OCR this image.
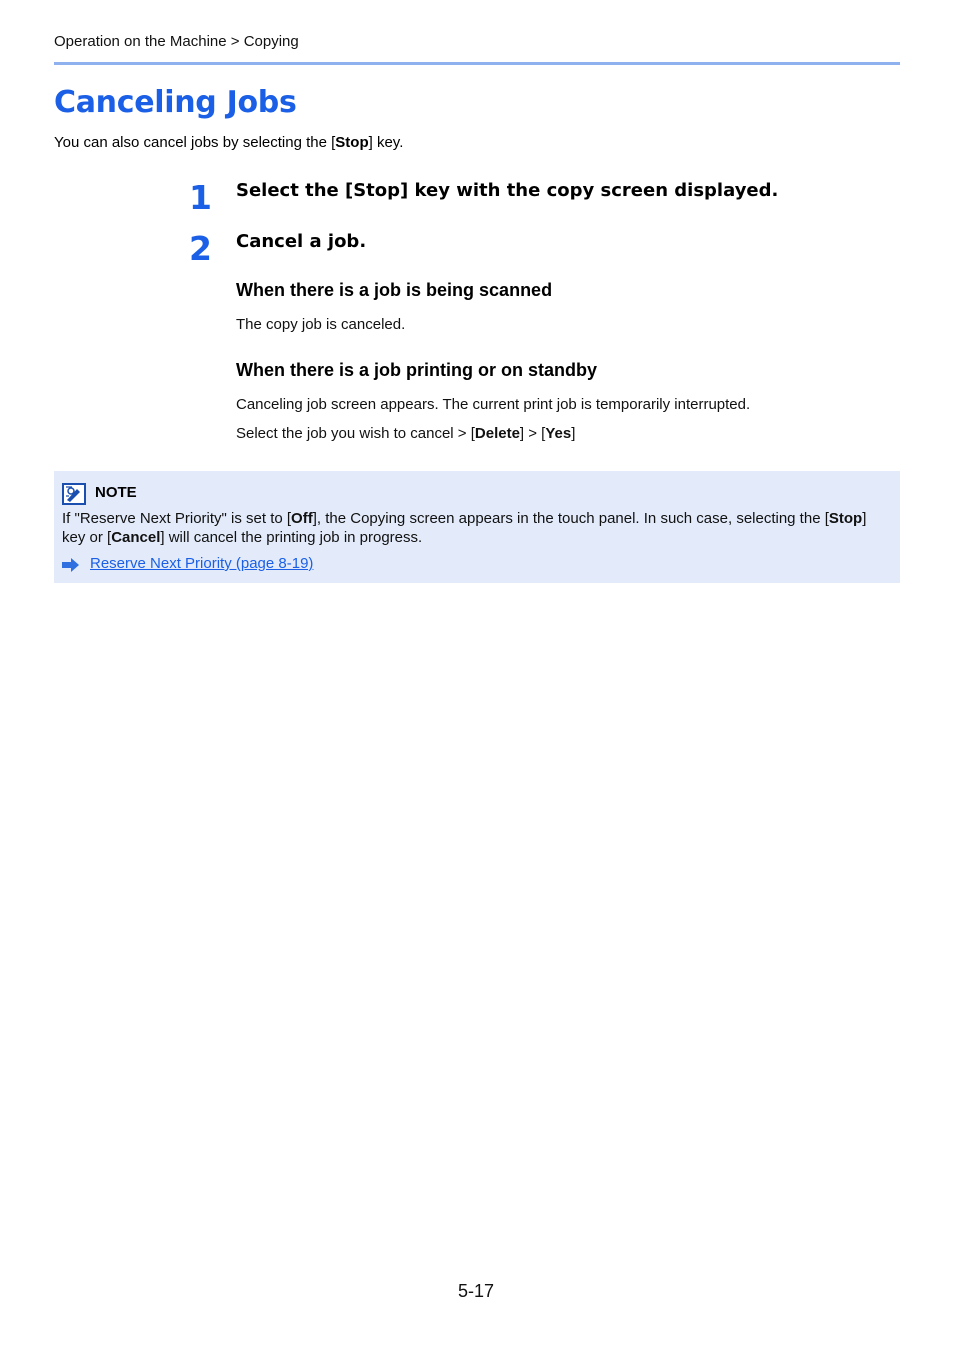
Operation on the Machine > Copying
Canceling Jobs
You can also cancel jobs by selecting the [Stop] key.
1 Select the [Stop] key with the copy screen displayed.
2 Cancel a job.
When there is a job is being scanned
The copy job is canceled.
When there is a job printing or on standby
Canceling job screen appears. The current print job is temporarily interrupted.
Select the job you wish to cancel > [Delete] > [Yes]
NOTE
If "Reserve Next Priority" is set to [Off], the Copying screen appears in the touch panel. In such case, selecting the [Stop] key or [Cancel] will cancel the printing job in progress.
Reserve Next Priority (page 8-19)
5-17
